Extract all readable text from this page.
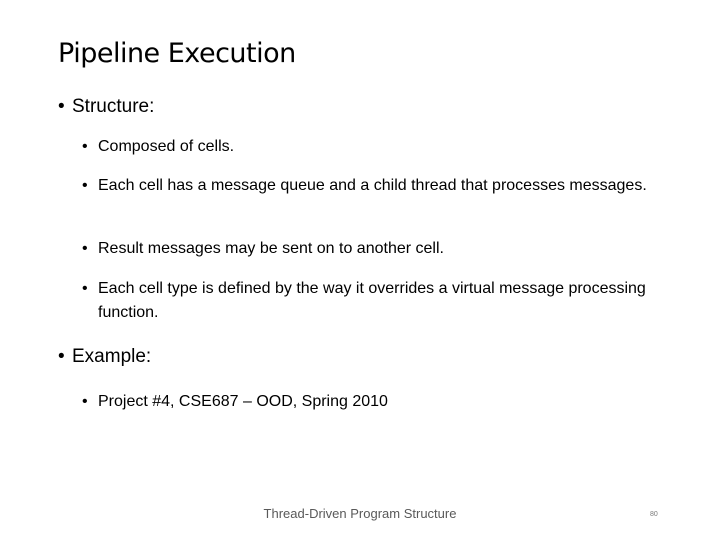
Pipeline Execution
• Structure:
• Composed of cells.
• Each cell has a message queue and a child thread that processes messages.
• Result messages may be sent on to another cell.
• Each cell type is defined by the way it overrides a virtual message processing function.
• Example:
• Project #4, CSE687 – OOD, Spring 2010
Thread-Driven Program Structure	80
